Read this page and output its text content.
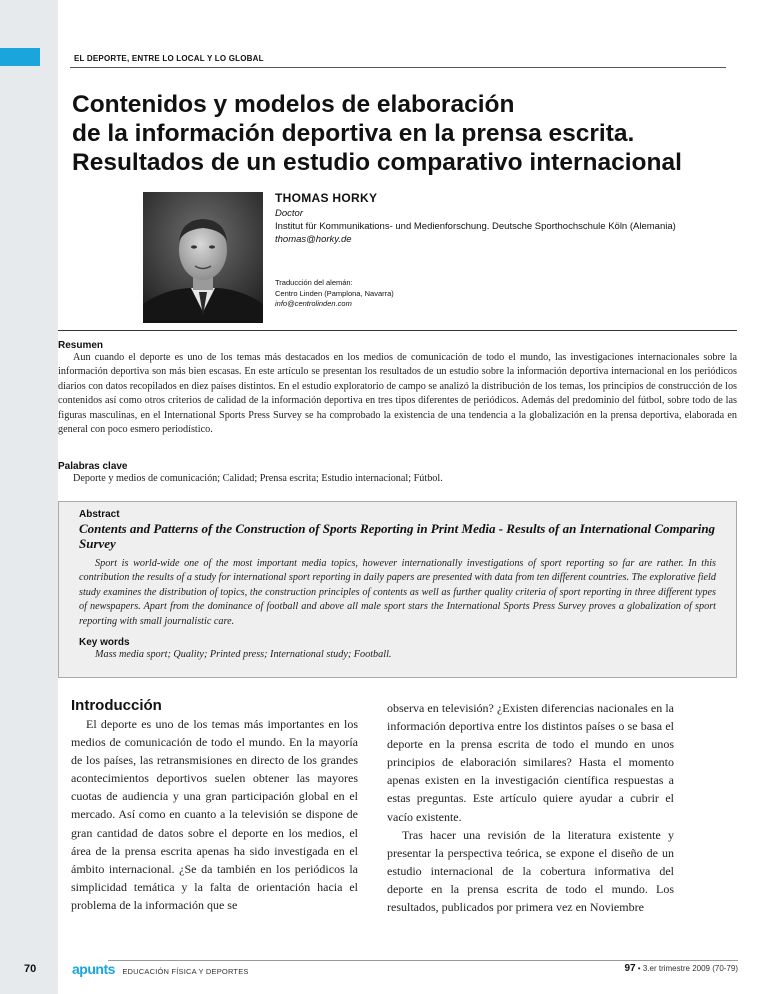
EL DEPORTE, ENTRE LO LOCAL Y LO GLOBAL
Contenidos y modelos de elaboración
de la información deportiva en la prensa escrita.
Resultados de un estudio comparativo internacional
THOMAS HORKY
Doctor
Institut für Kommunikations- und Medienforschung. Deutsche Sporthochschule Köln (Alemania)
thomas@horky.de
Traducción del alemán:
Centro Linden (Pamplona, Navarra)
info@centrolinden.com
Resumen

Aun cuando el deporte es uno de los temas más destacados en los medios de comunicación de todo el mundo, las investigaciones internacionales sobre la información deportiva son más bien escasas. En este artículo se presentan los resultados de un estudio sobre la información deportiva internacional en los periódicos diarios con datos recopilados en diez países distintos. En el estudio exploratorio de campo se analizó la distribución de los temas, los principios de construcción de los contenidos así como otros criterios de calidad de la información deportiva en tres tipos diferentes de periódicos. Además del predominio del fútbol, sobre todo de las figuras masculinas, en el International Sports Press Survey se ha comprobado la existencia de una tendencia a la globalización en la prensa deportiva, elaborada en general con poco esmero periodístico.

Palabras clave

Deporte y medios de comunicación; Calidad; Prensa escrita; Estudio internacional; Fútbol.

Abstract
Contents and Patterns of the Construction of Sports Reporting in Print Media - Results of an International Comparing Survey
Sport is world-wide one of the most important media topics, however internationally investigations of sport reporting so far are rather. In this contribution the results of a study for international sport reporting in daily papers are presented with data from ten different countries. The explorative field study examines the distribution of topics, the construction principles of contents as well as further quality criteria of sport reporting in three different types of newspapers. Apart from the dominance of football and above all male sport stars the International Sports Press Survey proves a globalization of sport reporting with small journalistic care.
Key words
Mass media sport; Quality; Printed press; International study; Football.
Introducción

El deporte es uno de los temas más importantes en los medios de comunicación de todo el mundo. En la mayoría de los países, las retransmisiones en directo de los grandes acontecimientos deportivos suelen obtener las mayores cuotas de audiencia y una gran participación global en el mercado. Así como en cuanto a la televisión se dispone de gran cantidad de datos sobre el deporte en los medios, el área de la prensa escrita apenas ha sido investigada en el ámbito internacional. ¿Se da también en los periódicos la simplicidad temática y la falta de orientación hacia el problema de la información que se

observa en televisión? ¿Existen diferencias nacionales en la información deportiva entre los distintos países o se basa el deporte en la prensa escrita de todo el mundo en unos principios de elaboración similares? Hasta el momento apenas existen en la investigación científica respuestas a estas preguntas. Este artículo quiere ayudar a cubrir el vacío existente.

Tras hacer una revisión de la literatura existente y presentar la perspectiva teórica, se expone el diseño de un estudio internacional de la cobertura informativa del deporte en la prensa escrita de todo el mundo. Los resultados, publicados por primera vez en Noviembre

70	apunts EDUCACIÓN FÍSICA Y DEPORTES	97 • 3.er trimestre 2009 (70-79)
